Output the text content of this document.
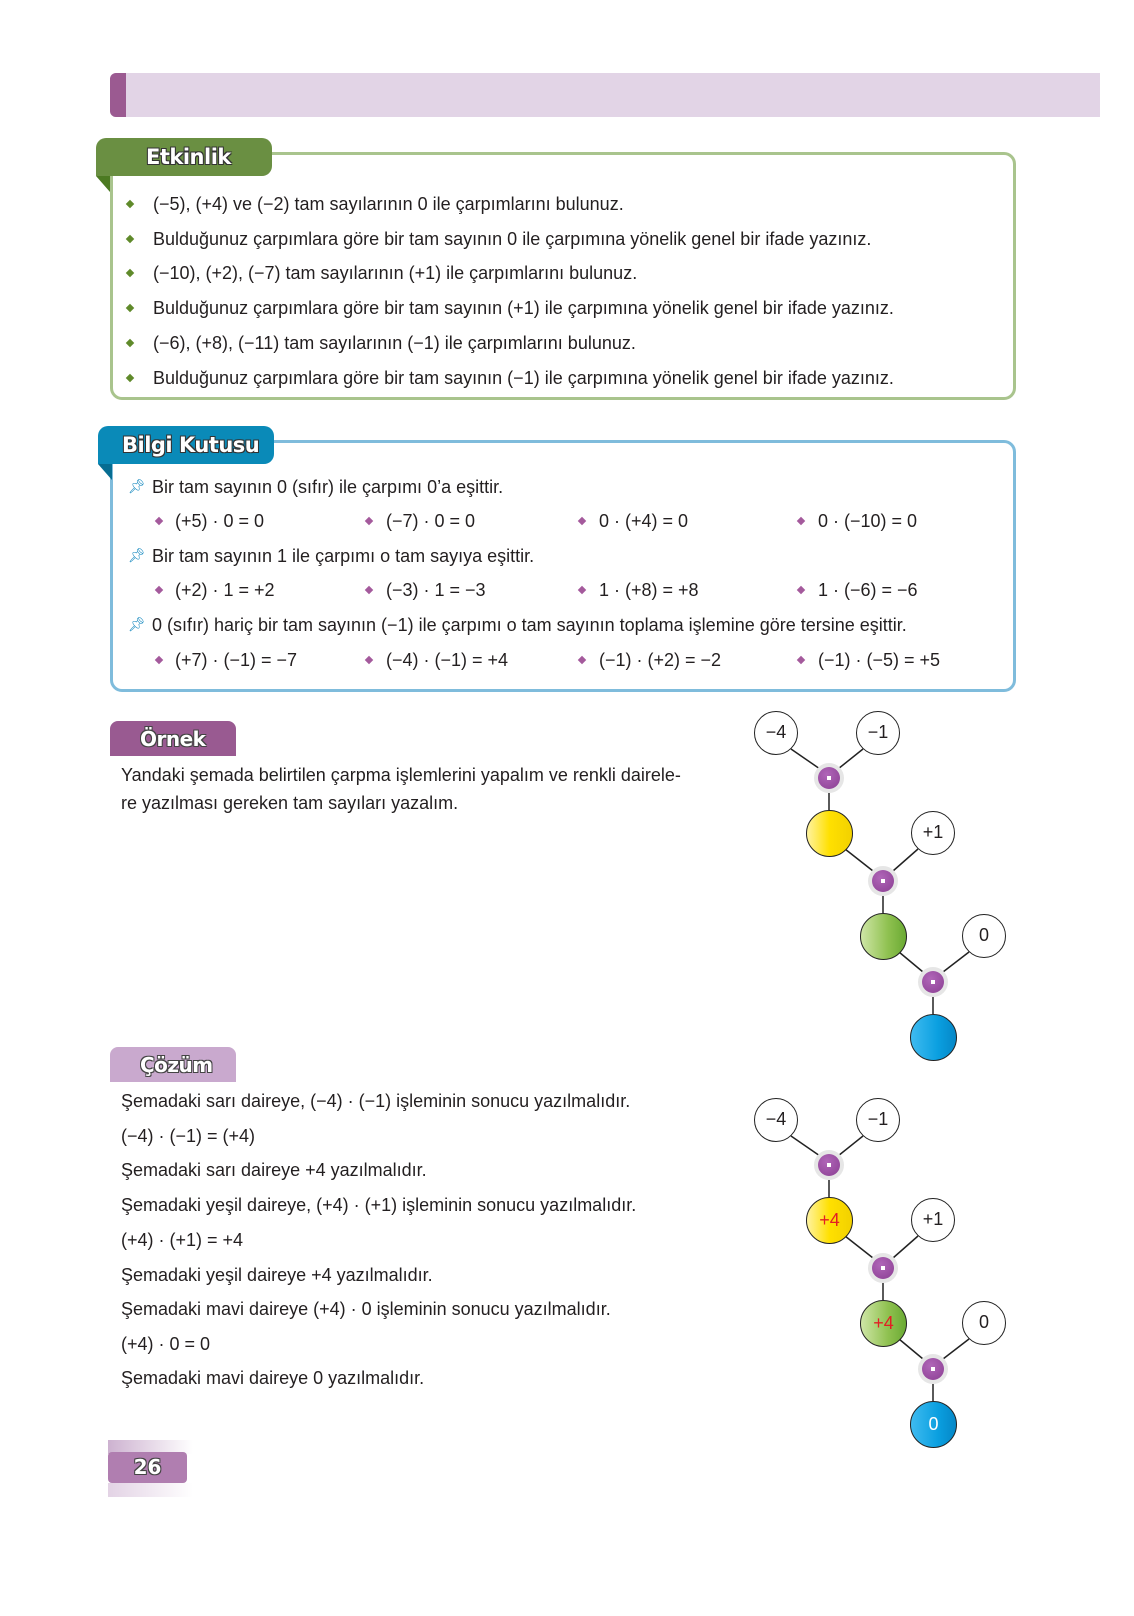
Etkinlik
(−5), (+4) ve (−2) tam sayılarının 0 ile çarpımlarını bulunuz.
Bulduğunuz çarpımlara göre bir tam sayının 0 ile çarpımına yönelik genel bir ifade yazınız.
(−10), (+2), (−7) tam sayılarının (+1) ile çarpımlarını bulunuz.
Bulduğunuz çarpımlara göre bir tam sayının (+1) ile çarpımına yönelik genel bir ifade yazınız.
(−6), (+8), (−11) tam sayılarının (−1) ile çarpımlarını bulunuz.
Bulduğunuz çarpımlara göre bir tam sayının (−1) ile çarpımına yönelik genel bir ifade yazınız.
Bilgi Kutusu
📌︎ Bir tam sayının 0 (sıfır) ile çarpımı 0’a eşittir.
(+5) · 0 = 0	(−7) · 0 = 0	0 · (+4) = 0	0 · (−10) = 0
📌︎ Bir tam sayının 1 ile çarpımı o tam sayıya eşittir.
(+2) · 1 = +2	(−3) · 1 = −3	1 · (+8) = +8	1 · (−6) = −6
📌︎ 0 (sıfır) hariç bir tam sayının (−1) ile çarpımı o tam sayının toplama işlemine göre tersine eşittir.
(+7) · (−1) = −7	(−4) · (−1) = +4	(−1) · (+2) = −2	(−1) · (−5) = +5
Örnek
Yandaki şemada belirtilen çarpma işlemlerini yapalım ve renkli dairele-
re yazılması gereken tam sayıları yazalım.
−4	−1
+1
0
Çözüm
Şemadaki sarı daireye, (−4) · (−1) işleminin sonucu yazılmalıdır.
(−4) · (−1) = (+4)
Şemadaki sarı daireye +4 yazılmalıdır.
Şemadaki yeşil daireye, (+4) · (+1) işleminin sonucu yazılmalıdır.
(+4) · (+1) = +4
Şemadaki yeşil daireye +4 yazılmalıdır.
Şemadaki mavi daireye (+4) · 0 işleminin sonucu yazılmalıdır.
(+4) · 0 = 0
Şemadaki mavi daireye 0 yazılmalıdır.
−4	−1
+4	+1
+4	0
0
26
